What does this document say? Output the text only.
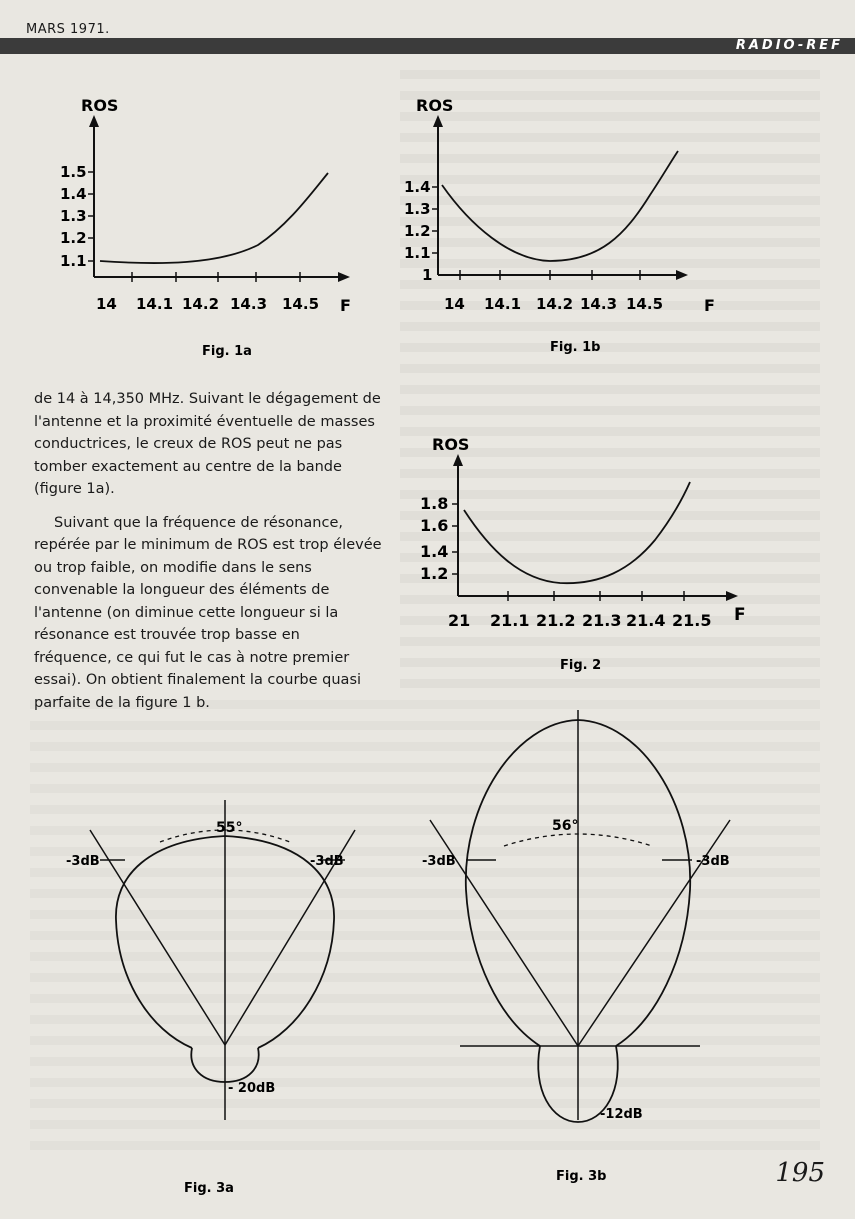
MARS 1971.
RADIO-REF
ROS
1.5
1.4
1.3
1.2
1.1
14 14.1 14.2 14.3 14.5 F
Fig. 1a
ROS
1.4
1.3
1.2
1.1
1
14 14.1 14.2 14.3 14.5	F
Fig. 1b

de 14 à 14,350 MHz. Suivant le dégagement de l'antenne et la proximité éventuelle de masses conductrices, le creux de ROS peut ne pas tomber exactement au centre de la bande (figure 1a).

Suivant que la fréquence de résonance, repérée par le minimum de ROS est trop élevée ou trop faible, on modifie dans le sens convenable la longueur des éléments de l'antenne (on diminue cette longueur si la résonance est trouvée trop basse en fréquence, ce qui fut le cas à notre premier essai). On obtient finalement la courbe quasi parfaite de la figure 1 b.

ROS
1.8
1.6
1.4
1.2
21 21.1 21.2 21.3 21.4 21.5 F
Fig. 2
55°
-3dB	-3dB
- 20dB
Fig. 3a
56°
-3dB	-3dB
-12dB
Fig. 3b	195
